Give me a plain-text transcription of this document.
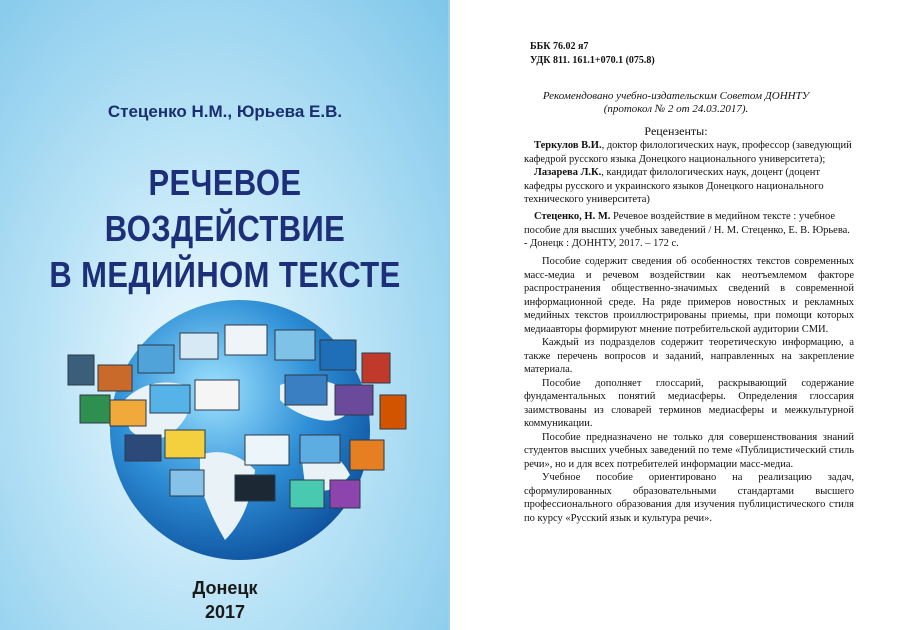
Стеценко Н.М., Юрьева Е.В.
РЕЧЕВОЕ ВОЗДЕЙСТВИЕ
В МЕДИЙНОМ ТЕКСТЕ
Донецк
2017
ББК 76.02 я7
УДК 811. 161.1+070.1 (075.8)
Рекомендовано учебно-издательским Советом ДОННТУ
(протокол № 2 от 24.03.2017).
Рецензенты:
Теркулов В.И., доктор филологических наук, профессор (заведующий кафедрой русского языка Донецкого национального университета);
Лазарева Л.К., кандидат филологических наук, доцент (доцент кафедры русского и украинского языков Донецкого национального технического университета)
Стеценко, Н. М. Речевое воздействие в медийном тексте : учебное пособие для высших учебных заведений / Н. М. Стеценко, Е. В. Юрьева. - Донецк : ДОННТУ, 2017. – 172 с.

Пособие содержит сведения об особенностях текстов современных масс-медиа и речевом воздействии как неотъемлемом факторе распространения общественно-значимых сведений в современной информационной среде. На ряде примеров новостных и рекламных медийных текстов проиллюстрированы приемы, при помощи которых медиаавторы формируют мнение потребительской аудитории СМИ.

Каждый из подразделов содержит теоретическую информацию, а также перечень вопросов и заданий, направленных на закрепление материала.

Пособие дополняет глоссарий, раскрывающий содержание фундаментальных понятий медиасферы. Определения глоссария заимствованы из словарей терминов медиасферы и межкультурной коммуникации.

Пособие предназначено не только для совершенствования знаний студентов высших учебных заведений по теме «Публицистический стиль речи», но и для всех потребителей информации масс-медиа.

Учебное пособие ориентировано на реализацию задач, сформулированных образовательными стандартами высшего профессионального образования для изучения публицистического стиля по курсу «Русский язык и культура речи».
